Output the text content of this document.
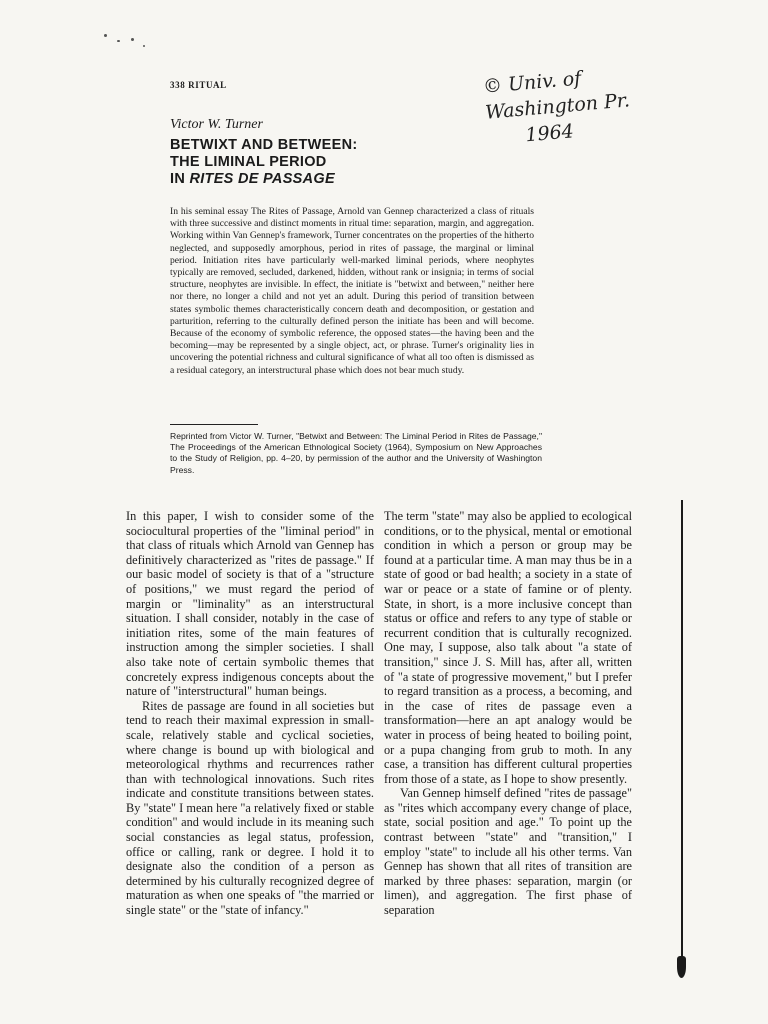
338 RITUAL	© Univ. of Washington Pr.
1964
Victor W. Turner
BETWIXT AND BETWEEN:
THE LIMINAL PERIOD
IN RITES DE PASSAGE
In his seminal essay The Rites of Passage, Arnold van Gennep characterized a class of rituals with three successive and distinct moments in ritual time: separation, margin, and aggregation. Working within Van Gennep's framework, Turner concentrates on the properties of the hitherto neglected, and supposedly amorphous, period in rites of passage, the marginal or liminal period. Initiation rites have particularly well-marked liminal periods, where neophytes typically are removed, secluded, darkened, hidden, without rank or insignia; in terms of social structure, neophytes are invisible. In effect, the initiate is "betwixt and between," neither here nor there, no longer a child and not yet an adult. During this period of transition between states symbolic themes characteristically concern death and decomposition, or gestation and parturition, referring to the culturally defined person the initiate has been and will become. Because of the economy of symbolic reference, the opposed states—the having been and the becoming—may be represented by a single object, act, or phrase. Turner's originality lies in uncovering the potential richness and cultural significance of what all too often is dismissed as a residual category, an interstructural phase which does not bear much study.
Reprinted from Victor W. Turner, "Betwixt and Between: The Liminal Period in Rites de Passage," The Proceedings of the American Ethnological Society (1964), Symposium on New Approaches to the Study of Religion, pp. 4–20, by permission of the author and the University of Washington Press.

In this paper, I wish to consider some of the sociocultural properties of the "liminal period" in that class of rituals which Arnold van Gennep has definitively characterized as "rites de passage." If our basic model of society is that of a "structure of positions," we must regard the period of margin or "liminality" as an interstructural situation. I shall consider, notably in the case of initiation rites, some of the main features of instruction among the simpler societies. I shall also take note of certain symbolic themes that concretely express indigenous concepts about the nature of "interstructural" human beings.

Rites de passage are found in all societies but tend to reach their maximal expression in small-scale, relatively stable and cyclical societies, where change is bound up with biological and meteorological rhythms and recurrences rather than with technological innovations. Such rites indicate and constitute transitions between states. By "state" I mean here "a relatively fixed or stable condition" and would include in its meaning such social constancies as legal status, profession, office or calling, rank or degree. I hold it to designate also the condition of a person as determined by his culturally recognized degree of maturation as when one speaks of "the married or single state" or the "state of infancy."

The term "state" may also be applied to ecological conditions, or to the physical, mental or emotional condition in which a person or group may be found at a particular time. A man may thus be in a state of good or bad health; a society in a state of war or peace or a state of famine or of plenty. State, in short, is a more inclusive concept than status or office and refers to any type of stable or recurrent condition that is culturally recognized. One may, I suppose, also talk about "a state of transition," since J. S. Mill has, after all, written of "a state of progressive movement," but I prefer to regard transition as a process, a becoming, and in the case of rites de passage even a transformation—here an apt analogy would be water in process of being heated to boiling point, or a pupa changing from grub to moth. In any case, a transition has different cultural properties from those of a state, as I hope to show presently.

Van Gennep himself defined "rites de passage" as "rites which accompany every change of place, state, social position and age." To point up the contrast between "state" and "transition," I employ "state" to include all his other terms. Van Gennep has shown that all rites of transition are marked by three phases: separation, margin (or limen), and aggregation. The first phase of separation
